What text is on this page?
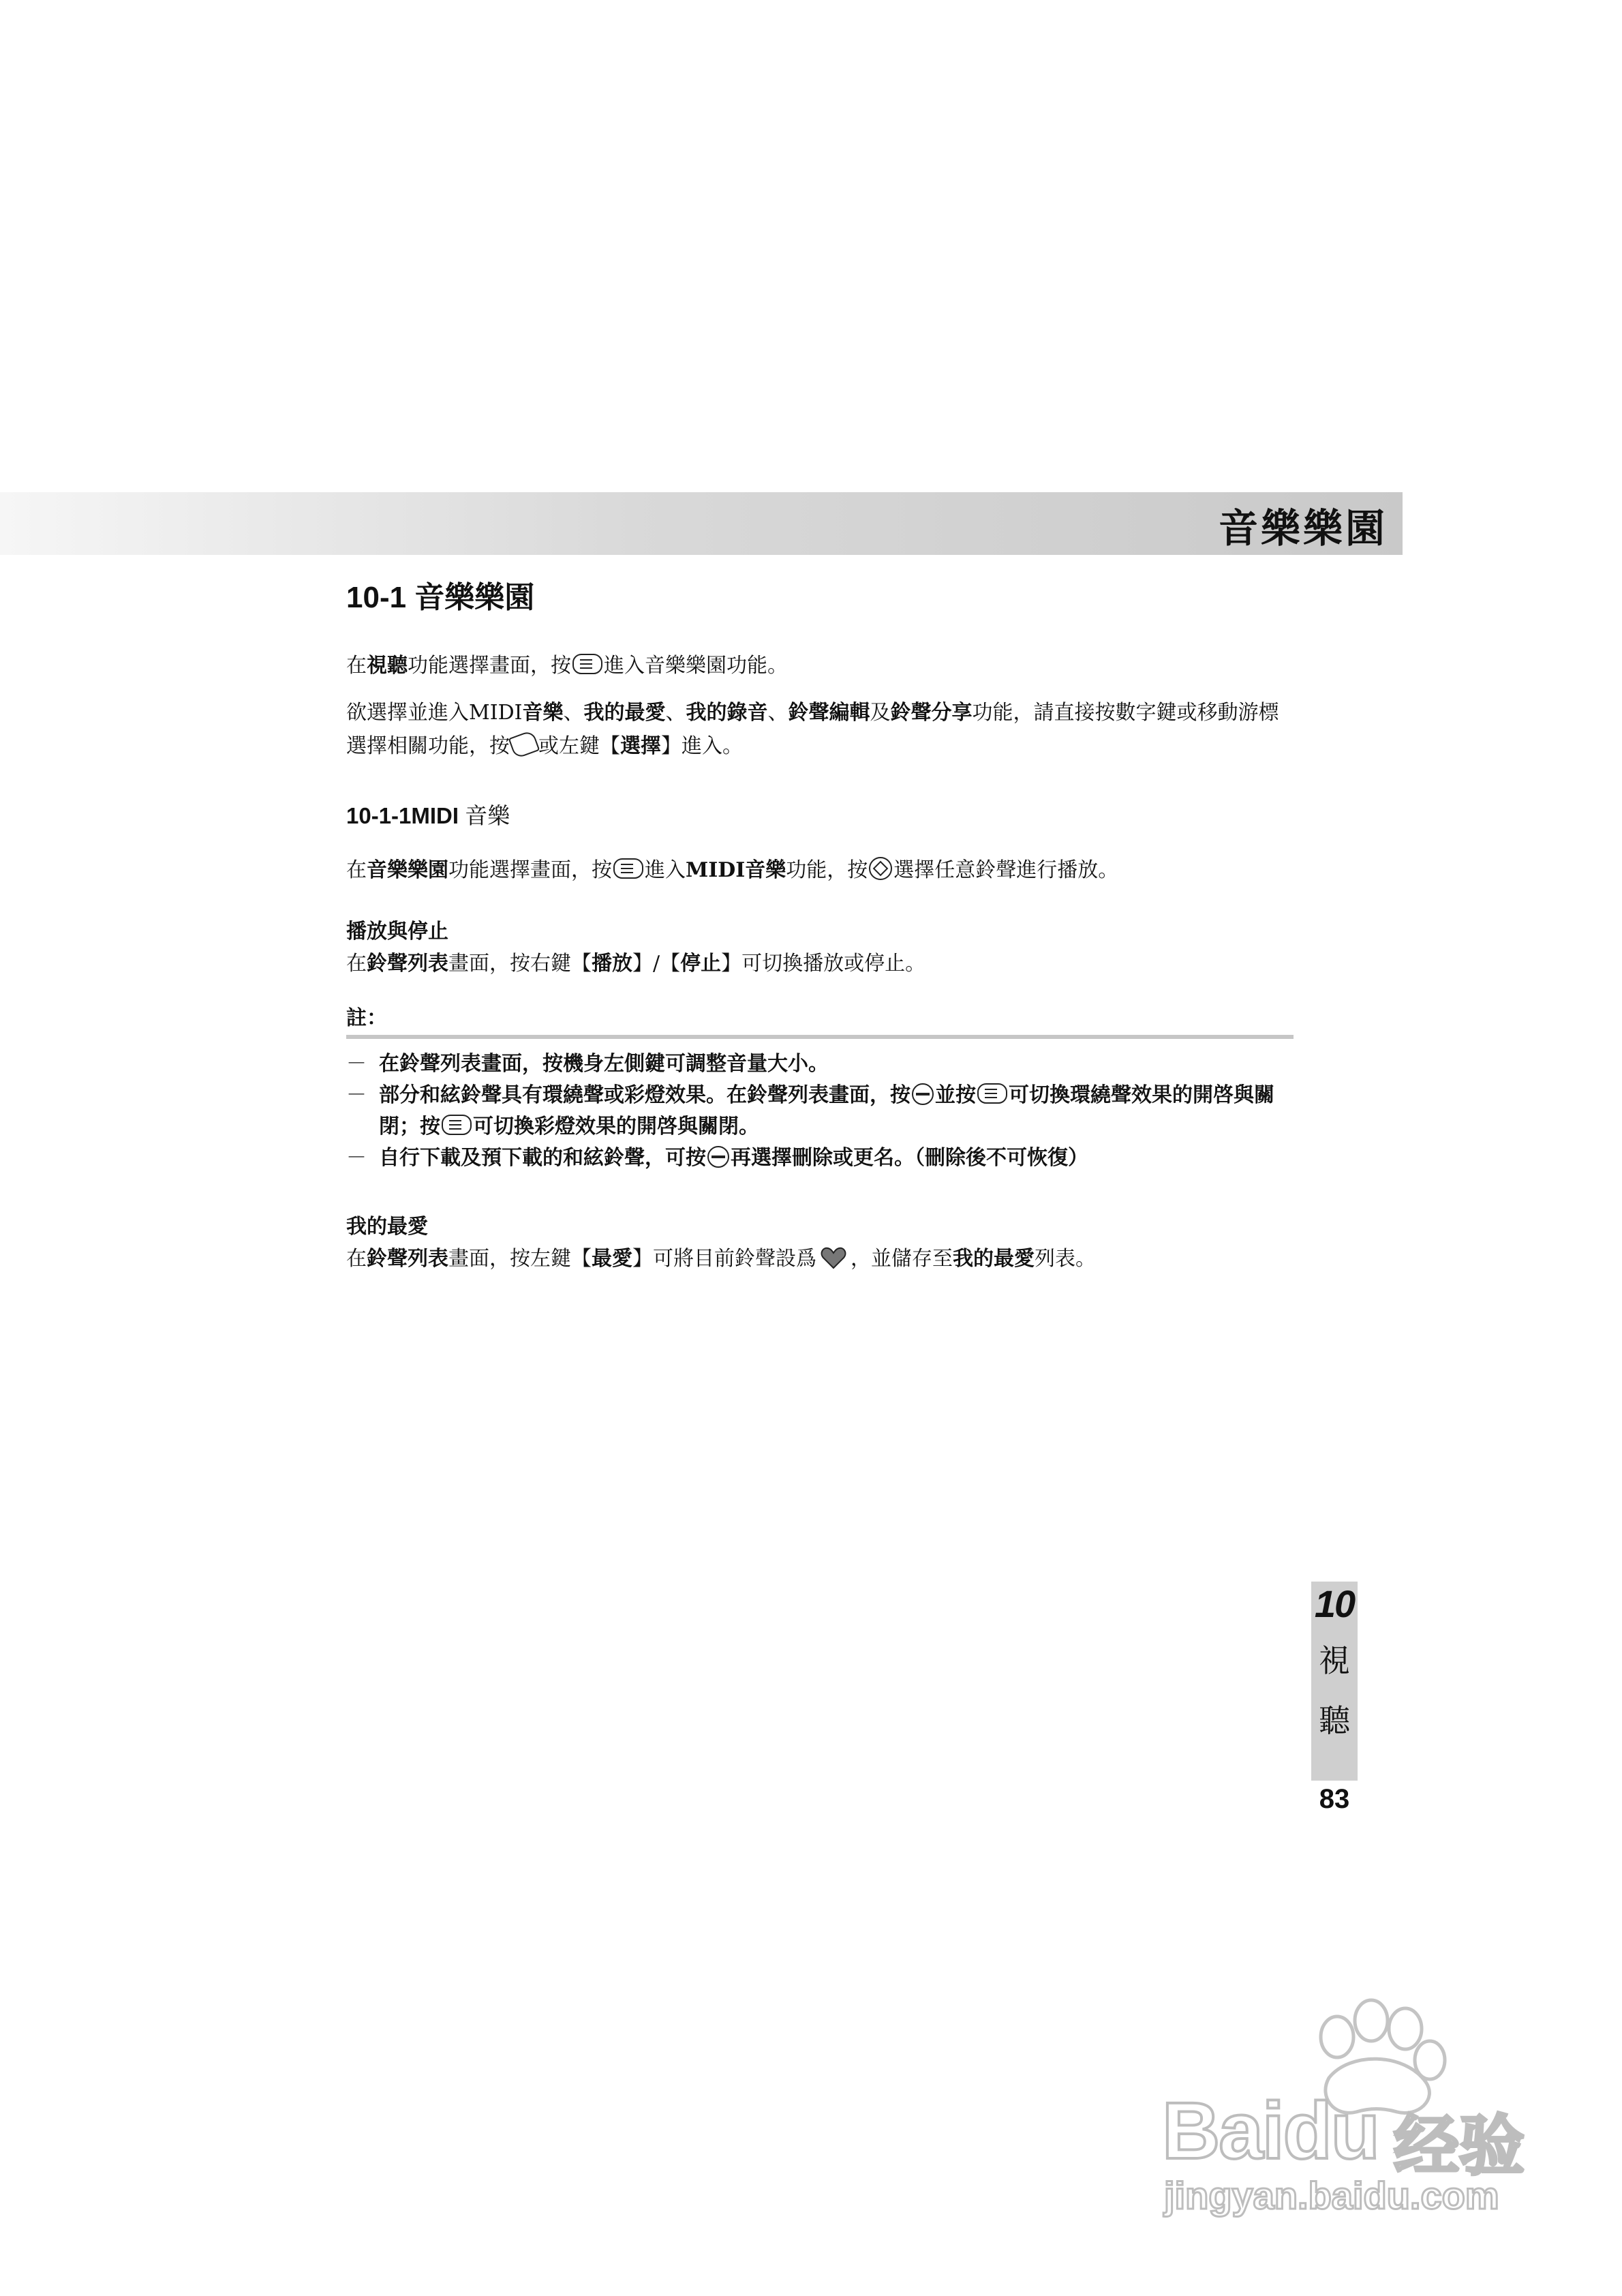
音樂樂園
10-1 音樂樂園

在視聽功能選擇畫面，按 進入音樂樂園功能。

欲選擇並進入MIDI音樂、我的最愛、我的錄音、鈴聲編輯及鈴聲分享功能，請直接按數字鍵或移動游標選擇相關功能，按 或左鍵【選擇】進入。

10-1-1MIDI 音樂

在音樂樂園功能選擇畫面，按 進入MIDI音樂功能，按 選擇任意鈴聲進行播放。

播放與停止

在鈴聲列表畫面，按右鍵【播放】/【停止】可切換播放或停止。

註：
－ 在鈴聲列表畫面，按機身左側鍵可調整音量大小。
－ 部分和絃鈴聲具有環繞聲或彩燈效果。在鈴聲列表畫面，按 並按 可切換環繞聲效果的開啓與關閉；按 可切換彩燈效果的開啓與關閉。
－ 自行下載及預下載的和絃鈴聲，可按 再選擇刪除或更名。（刪除後不可恢復）
我的最愛

在鈴聲列表畫面，按左鍵【最愛】可將目前鈴聲設爲 ，並儲存至我的最愛列表。

10
視
聽
83
Baidu 经验
jingyan.baidu.com
